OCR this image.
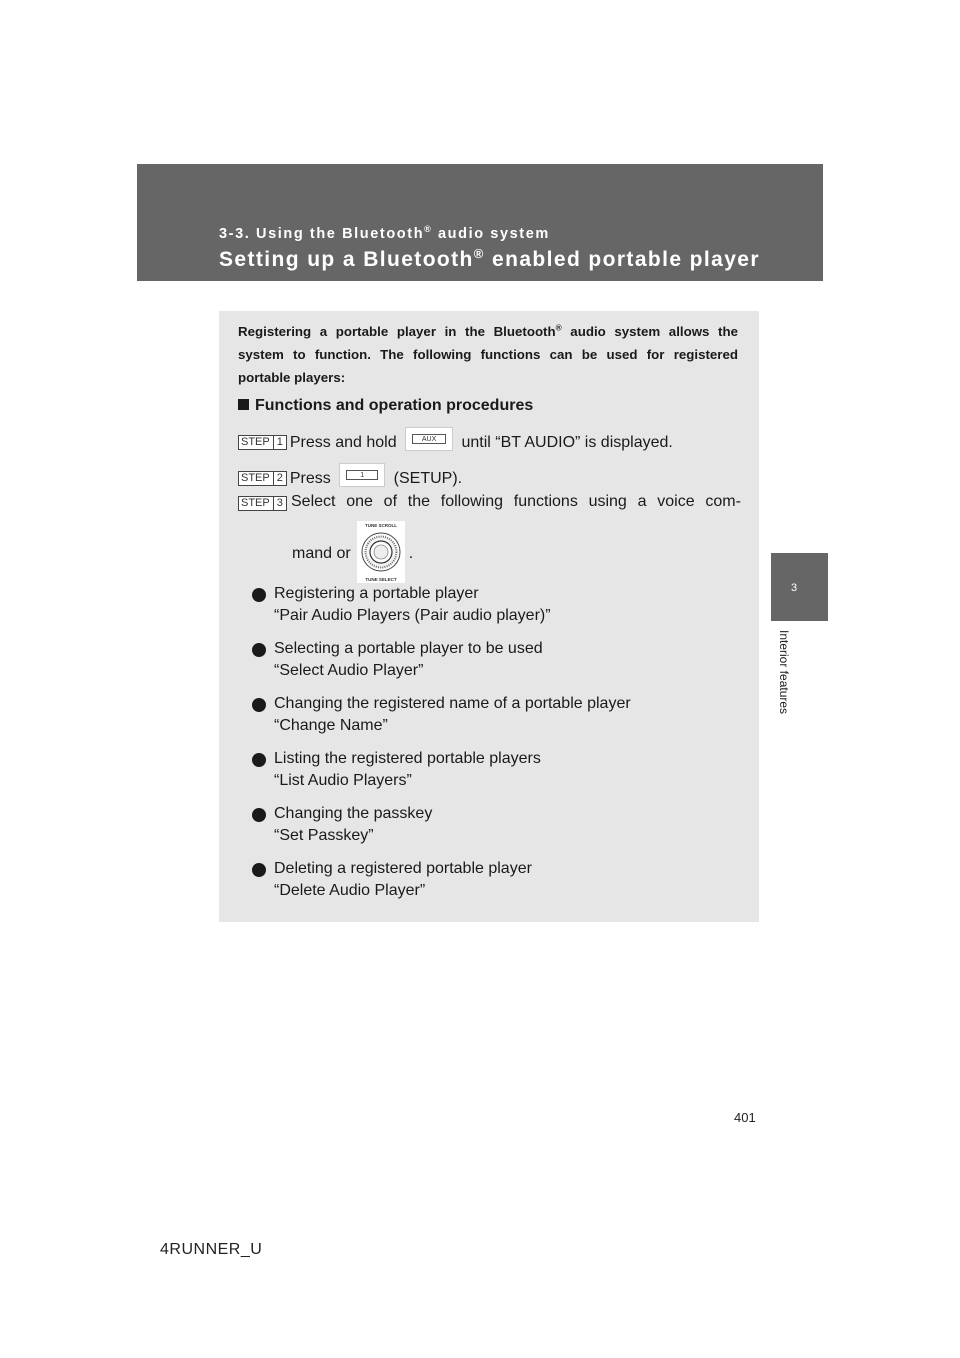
3-3. Using the Bluetooth® audio system
Setting up a Bluetooth® enabled portable player
3
Interior features
Registering a portable player in the Bluetooth® audio system allows the system to function. The following functions can be used for registered portable players:
Functions and operation procedures
STEP 1 Press and hold	AUX	until “BT AUDIO” is displayed.
STEP 2 Press	1	(SETUP).
STEP 3 Select one of the following functions using a voice com-
mand or	.
TUNE SCROLL
TUNE SELECT
Registering a portable player
“Pair Audio Players (Pair audio player)”
Selecting a portable player to be used
“Select Audio Player”
Changing the registered name of a portable player
“Change Name”
Listing the registered portable players
“List Audio Players”
Changing the passkey
“Set Passkey”
Deleting a registered portable player
“Delete Audio Player”
401
4RUNNER_U
